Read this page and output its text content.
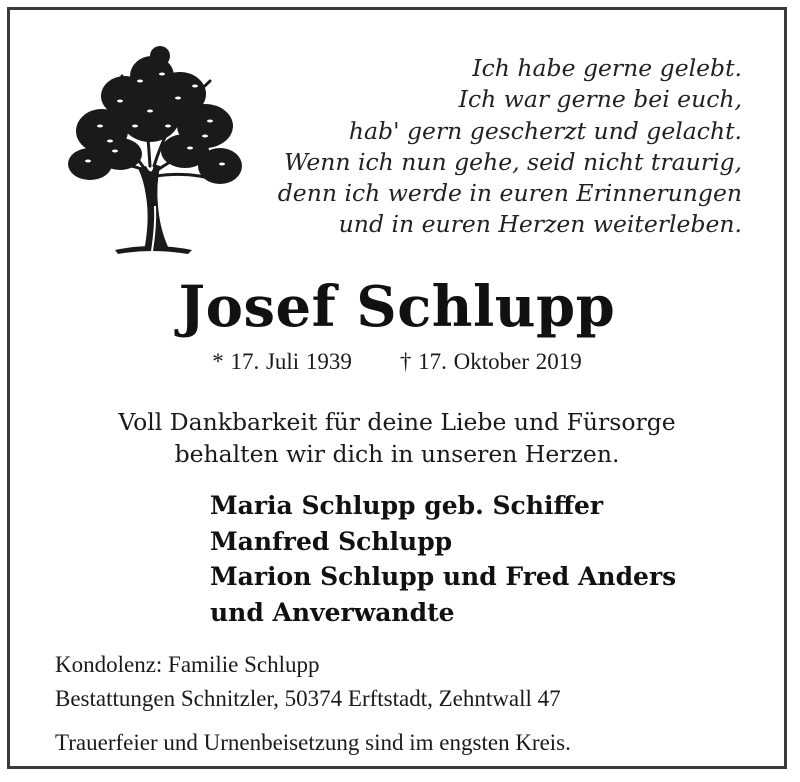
Ich habe gerne gelebt.
Ich war gerne bei euch,
hab' gern gescherzt und gelacht.
Wenn ich nun gehe, seid nicht traurig,
denn ich werde in euren Erinnerungen
und in euren Herzen weiterleben.
Josef Schlupp
* 17. Juli 1939 † 17. Oktober 2019
Voll Dankbarkeit für deine Liebe und Fürsorge
behalten wir dich in unseren Herzen.
Maria Schlupp geb. Schiffer
Manfred Schlupp
Marion Schlupp und Fred Anders
und Anverwandte
Kondolenz: Familie Schlupp
Bestattungen Schnitzler, 50374 Erftstadt, Zehntwall 47
Trauerfeier und Urnenbeisetzung sind im engsten Kreis.
